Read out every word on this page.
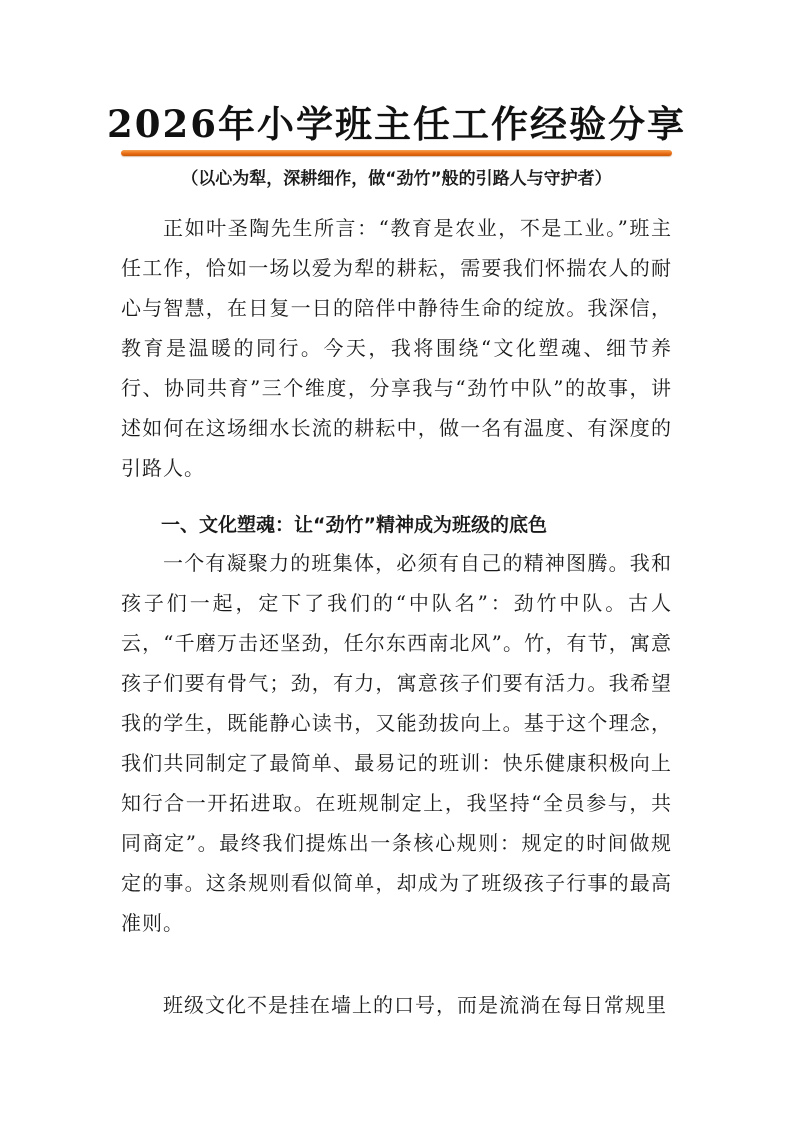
2026年小学班主任工作经验分享

（以心为犁，深耕细作，做“劲竹”般的引路人与守护者）

正如叶圣陶先生所言：“教育是农业，不是工业。”班主任工作，恰如一场以爱为犁的耕耘，需要我们怀揣农人的耐心与智慧，在日复一日的陪伴中静待生命的绽放。我深信，教育是温暖的同行。今天，我将围绕“文化塑魂、细节养行、协同共育”三个维度，分享我与“劲竹中队”的故事，讲述如何在这场细水长流的耕耘中，做一名有温度、有深度的引路人。

一、文化塑魂：让“劲竹”精神成为班级的底色

一个有凝聚力的班集体，必须有自己的精神图腾。我和孩子们一起，定下了我们的“中队名”：劲竹中队。古人云，“千磨万击还坚劲，任尔东西南北风”。竹，有节，寓意孩子们要有骨气；劲，有力，寓意孩子们要有活力。我希望我的学生，既能静心读书，又能劲拔向上。基于这个理念，我们共同制定了最简单、最易记的班训：快乐健康积极向上知行合一开拓进取。在班规制定上，我坚持“全员参与，共同商定”。最终我们提炼出一条核心规则：规定的时间做规定的事。这条规则看似简单，却成为了班级孩子行事的最高准则。

班级文化不是挂在墙上的口号，而是流淌在每日常规里
